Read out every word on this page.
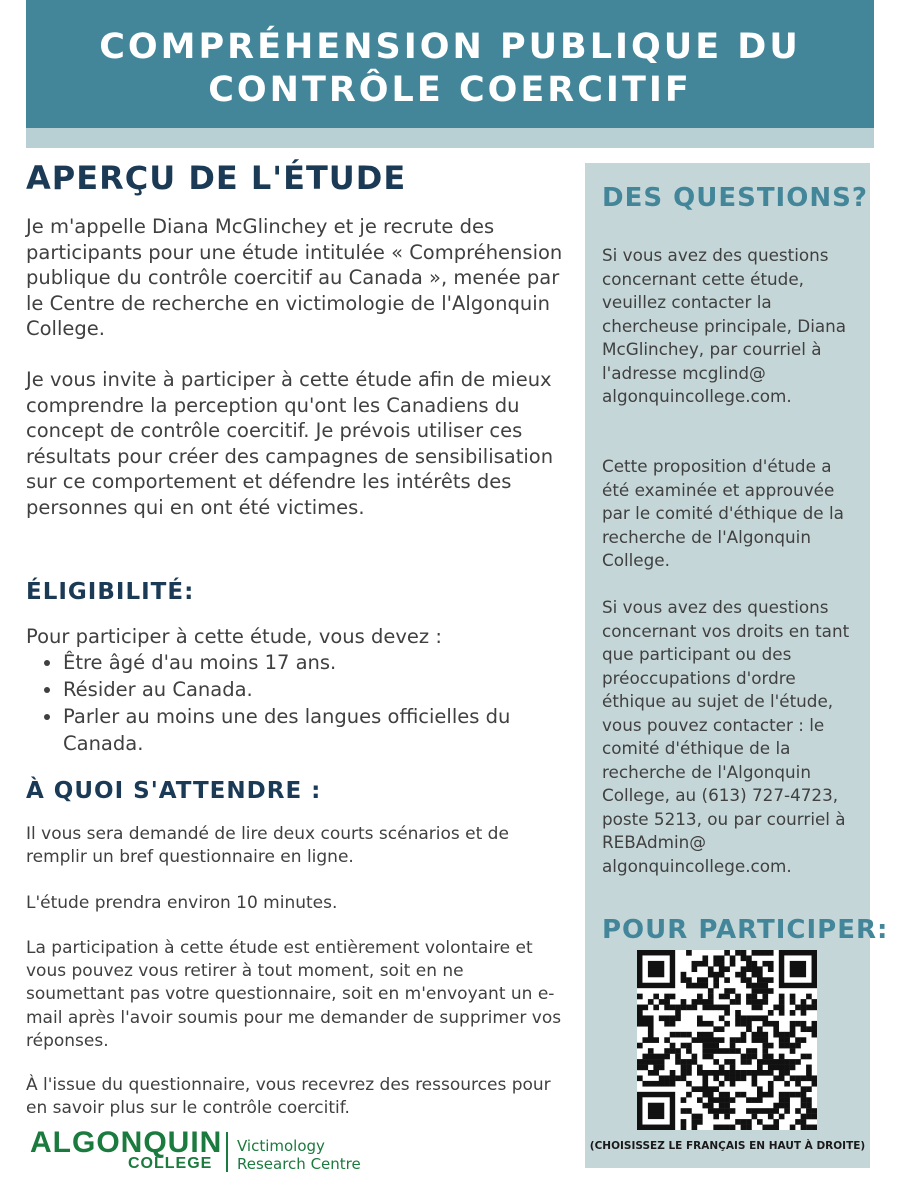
COMPRÉHENSION PUBLIQUE DU
CONTRÔLE COERCITIF
APERÇU DE L'ÉTUDE

Je m'appelle Diana McGlinchey et je recrute des participants pour une étude intitulée « Compréhension publique du contrôle coercitif au Canada », menée par le Centre de recherche en victimologie de l'Algonquin College.

Je vous invite à participer à cette étude afin de mieux comprendre la perception qu'ont les Canadiens du concept de contrôle coercitif. Je prévois utiliser ces résultats pour créer des campagnes de sensibilisation sur ce comportement et défendre les intérêts des personnes qui en ont été victimes.

ÉLIGIBILITÉ:

Pour participer à cette étude, vous devez :

• Être âgé d'au moins 17 ans.
• Résider au Canada.
• Parler au moins une des langues officielles du Canada.
À QUOI S'ATTENDRE :

Il vous sera demandé de lire deux courts scénarios et de remplir un bref questionnaire en ligne.

L'étude prendra environ 10 minutes.

La participation à cette étude est entièrement volontaire et vous pouvez vous retirer à tout moment, soit en ne soumettant pas votre questionnaire, soit en m'envoyant un e-mail après l'avoir soumis pour me demander de supprimer vos réponses.

À l'issue du questionnaire, vous recevrez des ressources pour en savoir plus sur le contrôle coercitif.

DES QUESTIONS?

Si vous avez des questions concernant cette étude, veuillez contacter la chercheuse principale, Diana McGlinchey, par courriel à l'adresse mcglind@ algonquincollege.com.

Cette proposition d'étude a été examinée et approuvée par le comité d'éthique de la recherche de l'Algonquin College.

Si vous avez des questions concernant vos droits en tant que participant ou des préoccupations d'ordre éthique au sujet de l'étude, vous pouvez contacter : le comité d'éthique de la recherche de l'Algonquin College, au (613) 727-4723, poste 5213, ou par courriel à REBAdmin@ algonquincollege.com.

POUR PARTICIPER:

(CHOISISSEZ LE FRANÇAIS EN HAUT À DROITE)

ALGONQUIN
COLLEGE
Victimology
Research Centre
